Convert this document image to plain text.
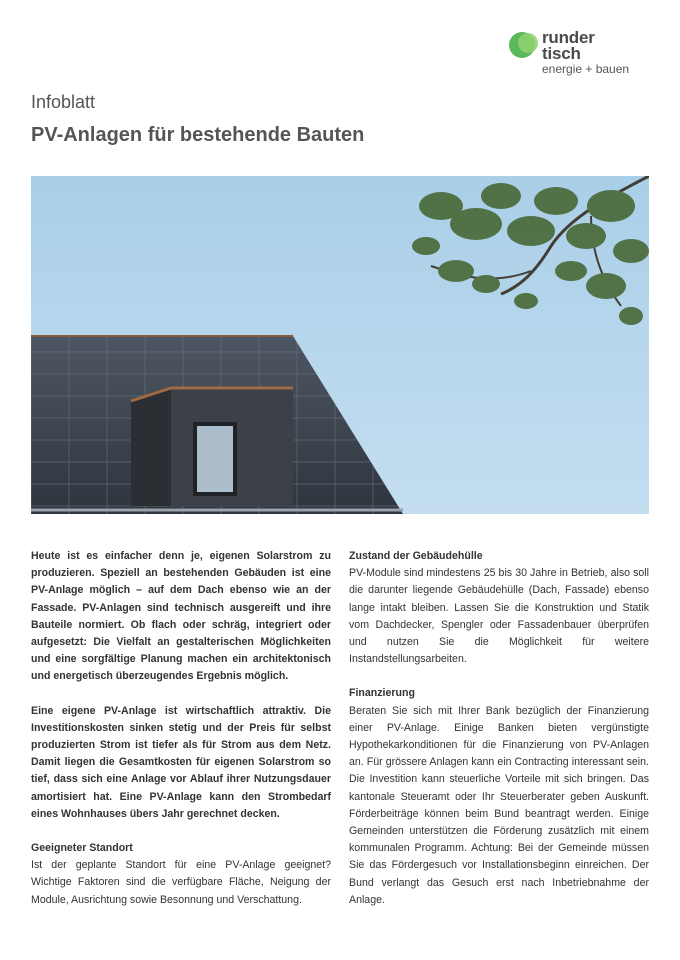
runder
tisch
energie + bauen
Infoblatt
PV-Anlagen für bestehende Bauten

Heute ist es einfacher denn je, eigenen Solarstrom zu produzieren. Speziell an bestehenden Gebäuden ist eine PV-Anlage möglich – auf dem Dach ebenso wie an der Fassade. PV-Anlagen sind technisch ausgereift und ihre Bauteile normiert. Ob flach oder schräg, integriert oder aufgesetzt: Die Vielfalt an gestalterischen Möglichkeiten und eine sorgfältige Planung machen ein architektonisch und energetisch überzeugendes Ergebnis möglich.

Eine eigene PV-Anlage ist wirtschaftlich attraktiv. Die Investitionskosten sinken stetig und der Preis für selbst produzierten Strom ist tiefer als für Strom aus dem Netz. Damit liegen die Gesamtkosten für eigenen Solarstrom so tief, dass sich eine Anlage vor Ablauf ihrer Nutzungsdauer amortisiert hat. Eine PV-Anlage kann den Strombedarf eines Wohnhauses übers Jahr gerechnet decken.

Geeigneter Standort

Ist der geplante Standort für eine PV-Anlage geeignet? Wichtige Faktoren sind die verfügbare Fläche, Neigung der Module, Ausrichtung sowie Besonnung und Verschattung.

Zustand der Gebäudehülle

PV-Module sind mindestens 25 bis 30 Jahre in Betrieb, also soll die darunter liegende Gebäudehülle (Dach, Fassade) ebenso lange intakt bleiben. Lassen Sie die Konstruktion und Statik vom Dachdecker, Spengler oder Fassadenbauer überprüfen und nutzen Sie die Möglichkeit für weitere Instandstellungsarbeiten.

Finanzierung

Beraten Sie sich mit Ihrer Bank bezüglich der Finanzierung einer PV-Anlage. Einige Banken bieten vergünstigte Hypothekarkonditionen für die Finanzierung von PV-Anlagen an. Für grössere Anlagen kann ein Contracting interessant sein. Die Investition kann steuerliche Vorteile mit sich bringen. Das kantonale Steueramt oder Ihr Steuerberater geben Auskunft. Förderbeiträge können beim Bund beantragt werden. Einige Gemeinden unterstützen die Förderung zusätzlich mit einem kommunalen Programm. Achtung: Bei der Gemeinde müssen Sie das Fördergesuch vor Installationsbeginn einreichen. Der Bund verlangt das Gesuch erst nach Inbetriebnahme der Anlage.
